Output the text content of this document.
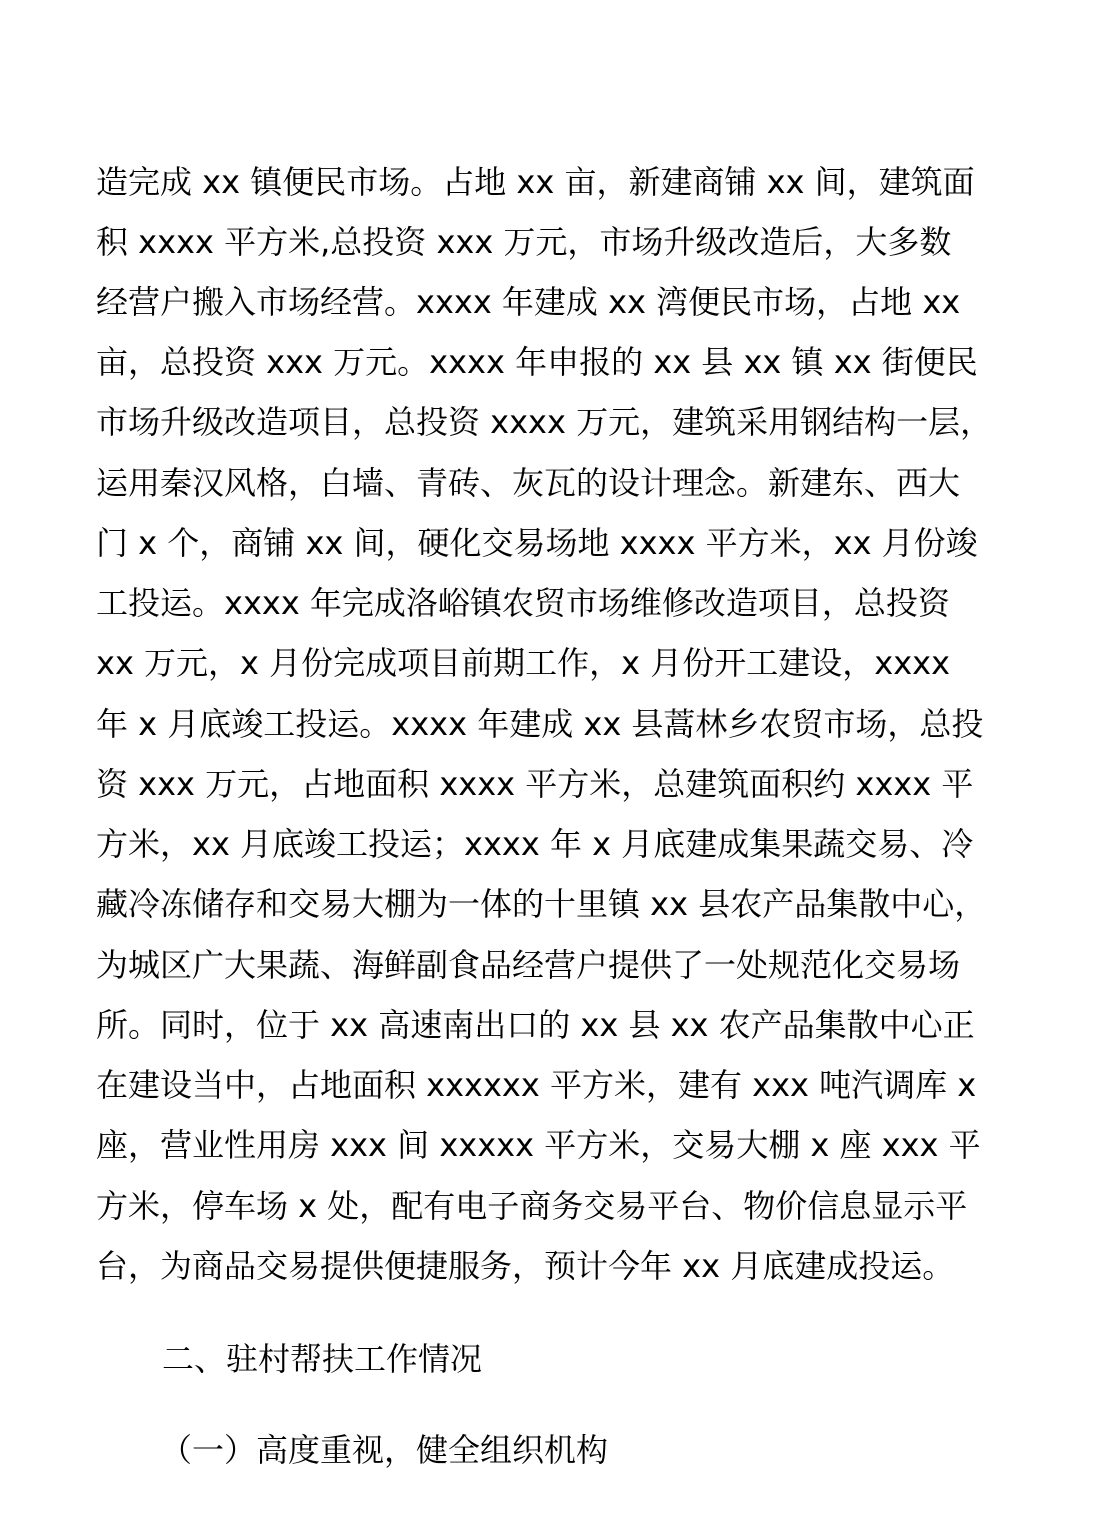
造完成 xx 镇便民市场。占地 xx 亩，新建商铺 xx 间，建筑面
积 xxxx 平方米,总投资 xxx 万元，市场升级改造后，大多数
经营户搬入市场经营。xxxx 年建成 xx 湾便民市场，占地 xx
亩，总投资 xxx 万元。xxxx 年申报的 xx 县 xx 镇 xx 街便民
市场升级改造项目，总投资 xxxx 万元，建筑采用钢结构一层，
运用秦汉风格，白墙、青砖、灰瓦的设计理念。新建东、西大
门 x 个，商铺 xx 间，硬化交易场地 xxxx 平方米，xx 月份竣
工投运。xxxx 年完成洛峪镇农贸市场维修改造项目，总投资
xx 万元，x 月份完成项目前期工作，x 月份开工建设，xxxx
年 x 月底竣工投运。xxxx 年建成 xx 县蒿林乡农贸市场，总投
资 xxx 万元，占地面积 xxxx 平方米，总建筑面积约 xxxx 平
方米，xx 月底竣工投运；xxxx 年 x 月底建成集果蔬交易、冷
藏冷冻储存和交易大棚为一体的十里镇 xx 县农产品集散中心，
为城区广大果蔬、海鲜副食品经营户提供了一处规范化交易场
所。同时，位于 xx 高速南出口的 xx 县 xx 农产品集散中心正
在建设当中，占地面积 xxxxxx 平方米，建有 xxx 吨汽调库 x
座，营业性用房 xxx 间 xxxxx 平方米，交易大棚 x 座 xxx 平
方米，停车场 x 处，配有电子商务交易平台、物价信息显示平
台，为商品交易提供便捷服务，预计今年 xx 月底建成投运。
二、驻村帮扶工作情况
（一）高度重视，健全组织机构
